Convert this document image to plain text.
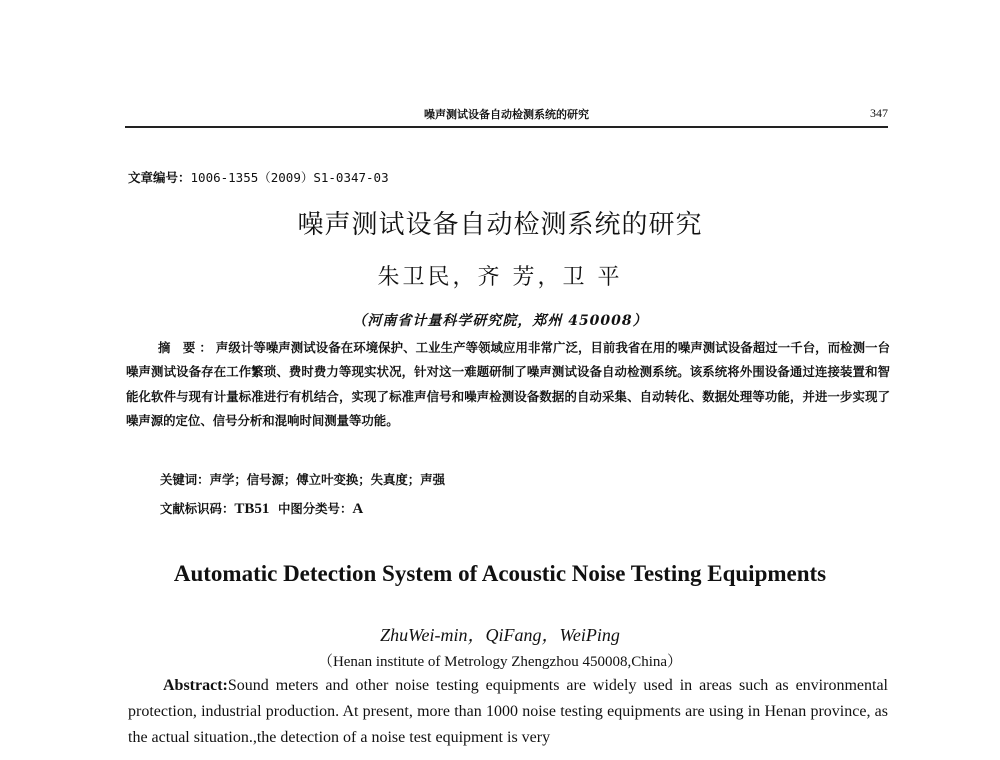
噪声测试设备自动检测系统的研究	347
文章编号：1006-1355（2009）S1-0347-03
噪声测试设备自动检测系统的研究
朱卫民，齐 芳，卫 平
（河南省计量科学研究院，郑州 450008）
摘 要：声级计等噪声测试设备在环境保护、工业生产等领域应用非常广泛，目前我省在用的噪声测试设备超过一千台，而检测一台噪声测试设备存在工作繁琐、费时费力等现实状况，针对这一难题研制了噪声测试设备自动检测系统。该系统将外围设备通过连接装置和智能化软件与现有计量标准进行有机结合，实现了标准声信号和噪声检测设备数据的自动采集、自动转化、数据处理等功能，并进一步实现了噪声源的定位、信号分析和混响时间测量等功能。
关键词：声学；信号源；傅立叶变换；失真度；声强
文献标识码：TB51 中图分类号：A
Automatic Detection System of Acoustic Noise Testing Equipments
ZhuWei-min，QiFang，WeiPing
（Henan institute of Metrology Zhengzhou 450008,China）
Abstract:Sound meters and other noise testing equipments are widely used in areas such as environmental protection, industrial production. At present, more than 1000 noise testing equipments are using in Henan province, as the actual situation.,the detection of a noise test equipment is very
